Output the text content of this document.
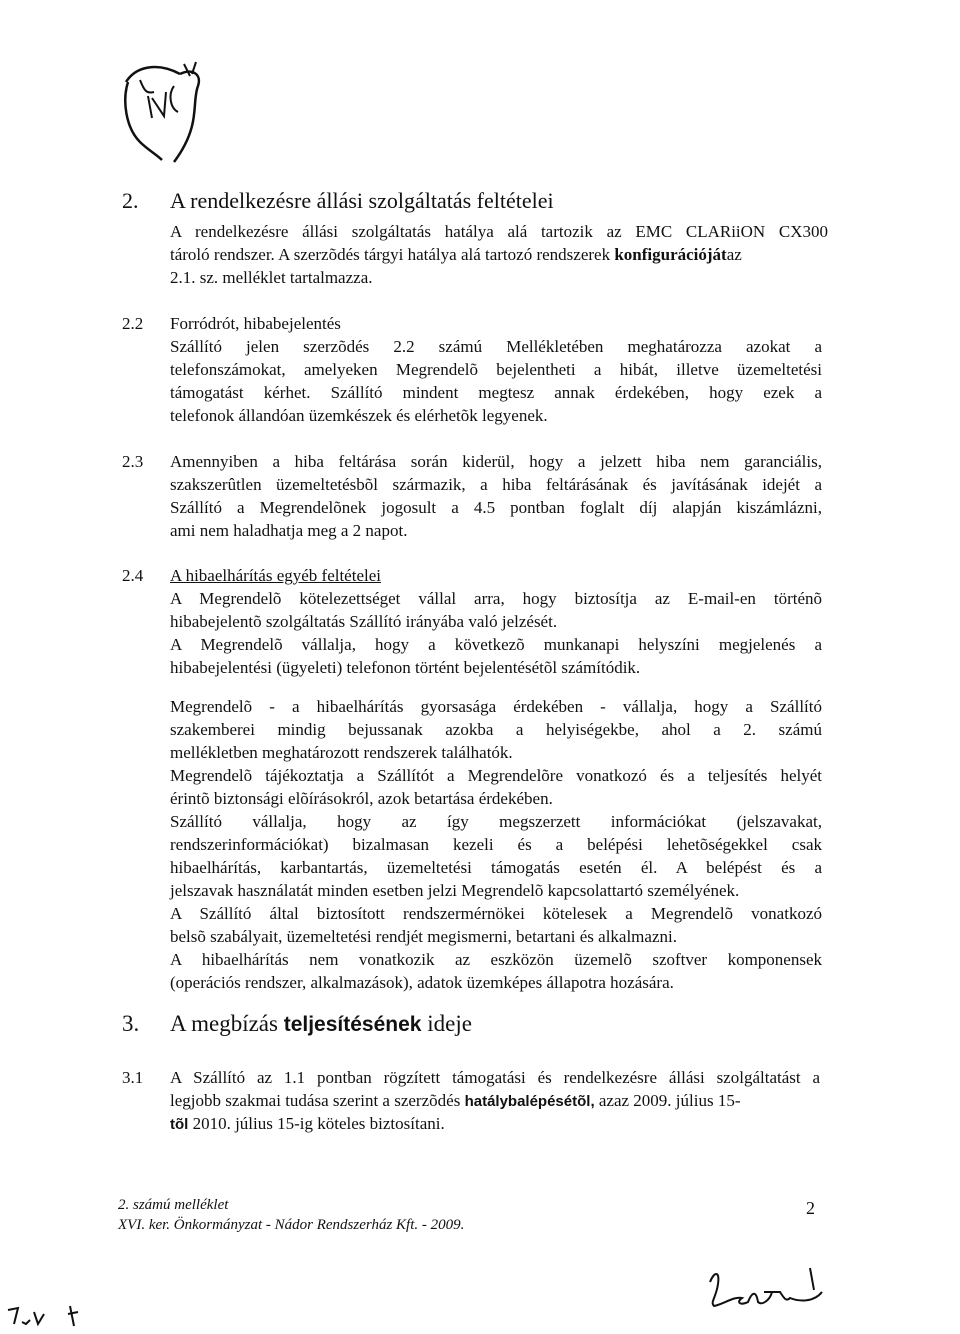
2. A rendelkezésre állási szolgáltatás feltételei
A rendelkezésre állási szolgáltatás hatálya alá tartozik az EMC CLARiiON CX300
tároló rendszer. A szerzõdés tárgyi hatálya alá tartozó rendszerek konfigurációjátaz
2.1. sz. melléklet tartalmazza.
2.2 Forródrót, hibabejelentés
Szállító jelen szerzõdés 2.2 számú Mellékletében meghatározza azokat a
telefonszámokat, amelyeken Megrendelõ bejelentheti a hibát, illetve üzemeltetési
támogatást kérhet. Szállító mindent megtesz annak érdekében, hogy ezek a
telefonok állandóan üzemkészek és elérhetõk legyenek.
2.3 Amennyiben a hiba feltárása során kiderül, hogy a jelzett hiba nem garanciális,
szakszerûtlen üzemeltetésbõl származik, a hiba feltárásának és javításának idejét a
Szállító a Megrendelõnek jogosult a 4.5 pontban foglalt díj alapján kiszámlázni,
ami nem haladhatja meg a 2 napot.
2.4 A hibaelhárítás egyéb feltételei
A Megrendelõ kötelezettséget vállal arra, hogy biztosítja az E-mail-en történõ
hibabejelentõ szolgáltatás Szállító irányába való jelzését.
A Megrendelõ vállalja, hogy a következõ munkanapi helyszíni megjelenés a
hibabejelentési (ügyeleti) telefonon történt bejelentésétõl számítódik.
Megrendelõ - a hibaelhárítás gyorsasága érdekében - vállalja, hogy a Szállító
szakemberei mindig bejussanak azokba a helyiségekbe, ahol a 2. számú
mellékletben meghatározott rendszerek találhatók.
Megrendelõ tájékoztatja a Szállítót a Megrendelõre vonatkozó és a teljesítés helyét
érintõ biztonsági elõírásokról, azok betartása érdekében.
Szállító vállalja, hogy az így megszerzett információkat (jelszavakat,
rendszerinformációkat) bizalmasan kezeli és a belépési lehetõségekkel csak
hibaelhárítás, karbantartás, üzemeltetési támogatás esetén él. A belépést és a
jelszavak használatát minden esetben jelzi Megrendelõ kapcsolattartó személyének.
A Szállító által biztosított rendszermérnökei kötelesek a Megrendelõ vonatkozó
belsõ szabályait, üzemeltetési rendjét megismerni, betartani és alkalmazni.
A hibaelhárítás nem vonatkozik az eszközön üzemelõ szoftver komponensek
(operációs rendszer, alkalmazások), adatok üzemképes állapotra hozására.
3. A megbízás teljesítésének ideje
3.1 A Szállító az 1.1 pontban rögzített támogatási és rendelkezésre állási szolgáltatást a
legjobb szakmai tudása szerint a szerzõdés hatálybalépésétõl, azaz 2009. július 15-
tõl 2010. július 15-ig köteles biztosítani.
2. számú melléklet
XVI. ker. Önkormányzat - Nádor Rendszerház Kft. - 2009.
2
